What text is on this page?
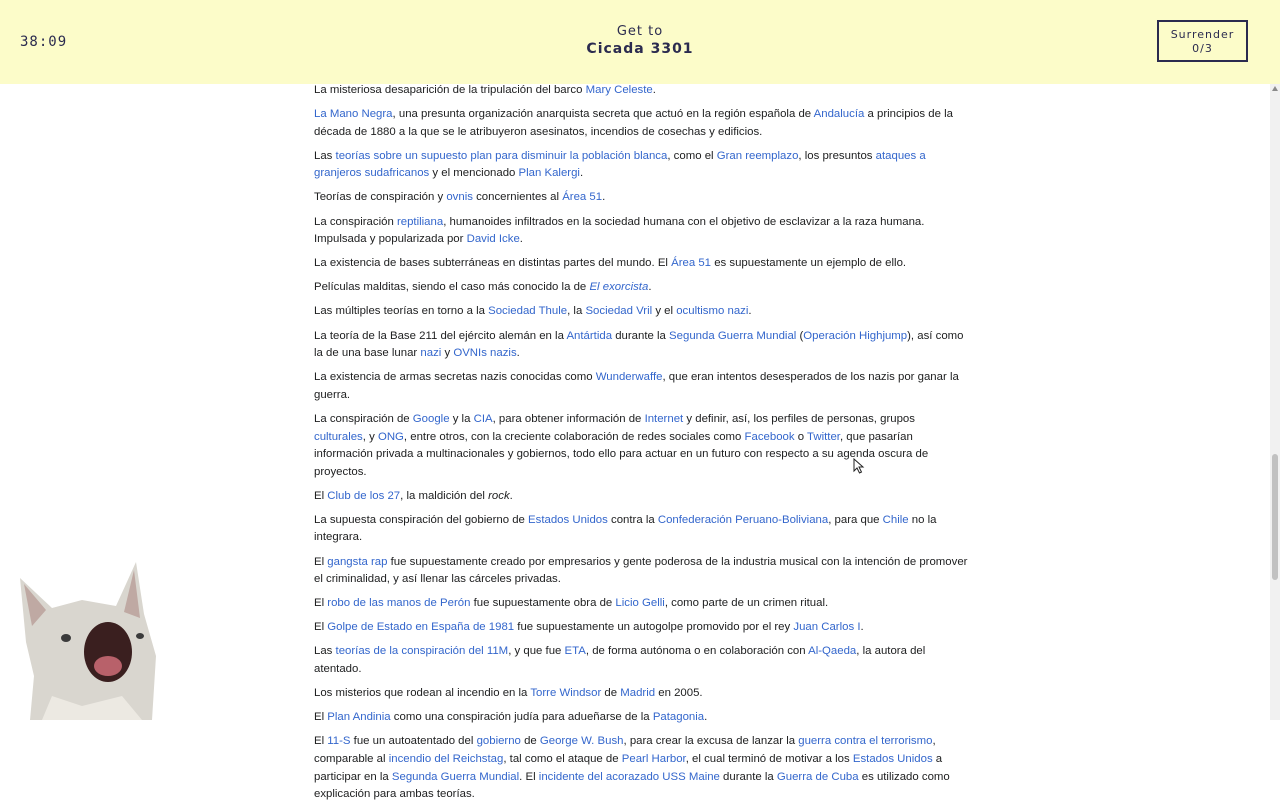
38:09
Get to
Cicada 3301
Surrender
0/3

La misteriosa desaparición de la tripulación del barco Mary Celeste.

La Mano Negra, una presunta organización anarquista secreta que actuó en la región española de Andalucía a principios de la década de 1880 a la que se le atribuyeron asesinatos, incendios de cosechas y edificios.

Las teorías sobre un supuesto plan para disminuir la población blanca, como el Gran reemplazo, los presuntos ataques a granjeros sudafricanos y el mencionado Plan Kalergi.

Teorías de conspiración y ovnis concernientes al Área 51.

La conspiración reptiliana, humanoides infiltrados en la sociedad humana con el objetivo de esclavizar a la raza humana. Impulsada y popularizada por David Icke.

La existencia de bases subterráneas en distintas partes del mundo. El Área 51 es supuestamente un ejemplo de ello.

Películas malditas, siendo el caso más conocido la de El exorcista.

Las múltiples teorías en torno a la Sociedad Thule, la Sociedad Vril y el ocultismo nazi.

La teoría de la Base 211 del ejército alemán en la Antártida durante la Segunda Guerra Mundial (Operación Highjump), así como la de una base lunar nazi y OVNIs nazis.

La existencia de armas secretas nazis conocidas como Wunderwaffe, que eran intentos desesperados de los nazis por ganar la guerra.

La conspiración de Google y la CIA, para obtener información de Internet y definir, así, los perfiles de personas, grupos culturales, y ONG, entre otros, con la creciente colaboración de redes sociales como Facebook o Twitter, que pasarían información privada a multinacionales y gobiernos, todo ello para actuar en un futuro con respecto a su agenda oscura de proyectos.

El Club de los 27, la maldición del rock.

La supuesta conspiración del gobierno de Estados Unidos contra la Confederación Peruano-Boliviana, para que Chile no la integrara.

El gangsta rap fue supuestamente creado por empresarios y gente poderosa de la industria musical con la intención de promover el criminalidad, y así llenar las cárceles privadas.

El robo de las manos de Perón fue supuestamente obra de Licio Gelli, como parte de un crimen ritual.

El Golpe de Estado en España de 1981 fue supuestamente un autogolpe promovido por el rey Juan Carlos I.

Las teorías de la conspiración del 11M, y que fue ETA, de forma autónoma o en colaboración con Al-Qaeda, la autora del atentado.

Los misterios que rodean al incendio en la Torre Windsor de Madrid en 2005.

El Plan Andinia como una conspiración judía para adueñarse de la Patagonia.

El 11-S fue un autoatentado del gobierno de George W. Bush, para crear la excusa de lanzar la guerra contra el terrorismo, comparable al incendio del Reichstag, tal como el ataque de Pearl Harbor, el cual terminó de motivar a los Estados Unidos a participar en la Segunda Guerra Mundial. El incidente del acorazado USS Maine durante la Guerra de Cuba es utilizado como explicación para ambas teorías.
